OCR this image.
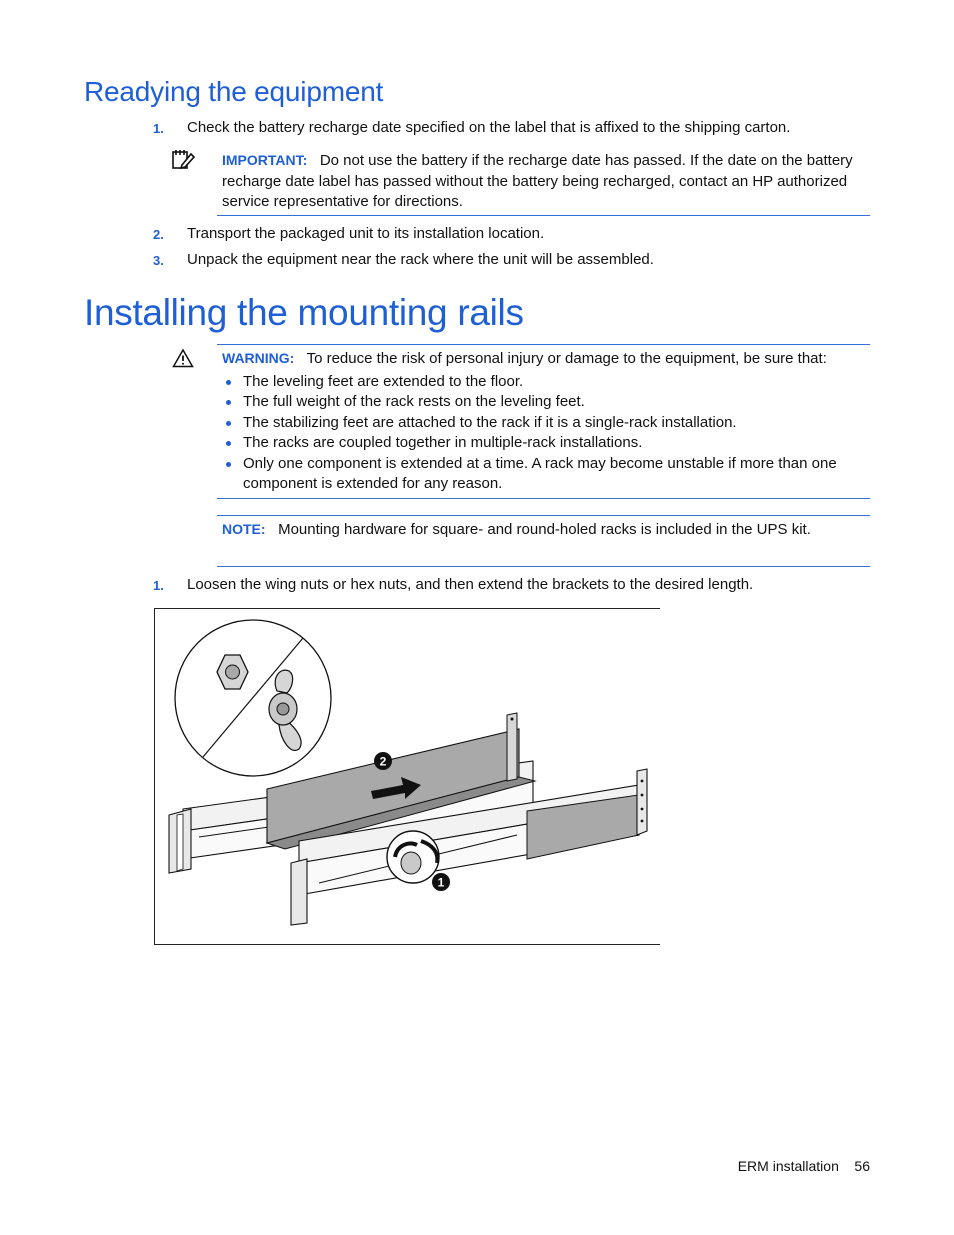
Readying the equipment
1. Check the battery recharge date specified on the label that is affixed to the shipping carton.
IMPORTANT: Do not use the battery if the recharge date has passed. If the date on the battery
recharge date label has passed without the battery being recharged, contact an HP authorized
service representative for directions.
2. Transport the packaged unit to its installation location.
3. Unpack the equipment near the rack where the unit will be assembled.
Installing the mounting rails
WARNING: To reduce the risk of personal injury or damage to the equipment, be sure that:
The leveling feet are extended to the floor.
The full weight of the rack rests on the leveling feet.
The stabilizing feet are attached to the rack if it is a single-rack installation.
The racks are coupled together in multiple-rack installations.
Only one component is extended at a time. A rack may become unstable if more than one
component is extended for any reason.
NOTE: Mounting hardware for square- and round-holed racks is included in the UPS kit.
1. Loosen the wing nuts or hex nuts, and then extend the brackets to the desired length.
2
1
ERM installation 56
